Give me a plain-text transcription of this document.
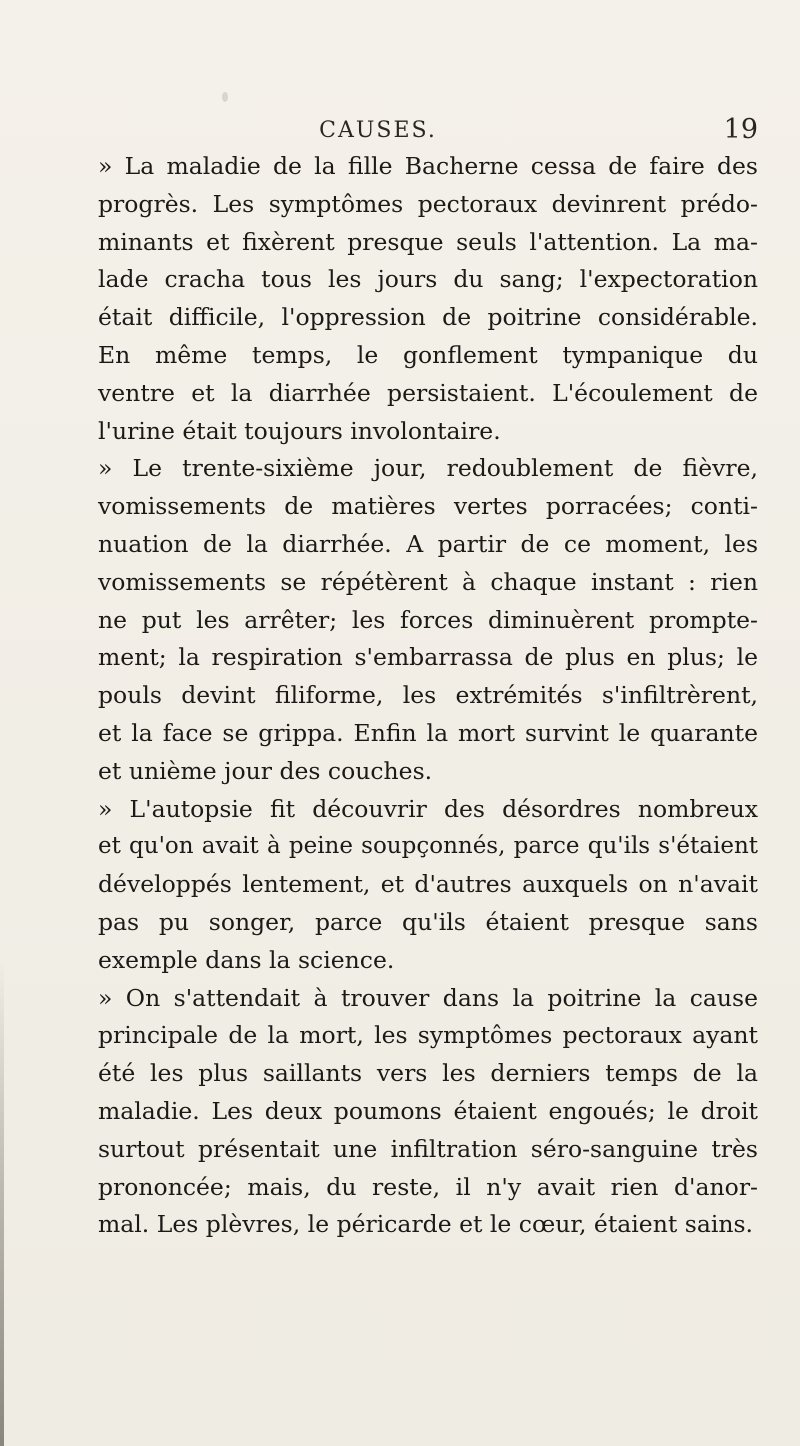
CAUSES.	19
» La maladie de la fille Bacherne cessa de faire des
progrès. Les symptômes pectoraux devinrent prédo-
minants et fixèrent presque seuls l'attention. La ma-
lade cracha tous les jours du sang; l'expectoration
était difficile, l'oppression de poitrine considérable.
En même temps, le gonflement tympanique du
ventre et la diarrhée persistaient. L'écoulement de
l'urine était toujours involontaire.
» Le trente-sixième jour, redoublement de fièvre,
vomissements de matières vertes porracées; conti-
nuation de la diarrhée. A partir de ce moment, les
vomissements se répétèrent à chaque instant : rien
ne put les arrêter; les forces diminuèrent prompte-
ment; la respiration s'embarrassa de plus en plus; le
pouls devint filiforme, les extrémités s'infiltrèrent,
et la face se grippa. Enfin la mort survint le quarante
et unième jour des couches.
» L'autopsie fit découvrir des désordres nombreux
et qu'on avait à peine soupçonnés, parce qu'ils s'étaient
développés lentement, et d'autres auxquels on n'avait
pas pu songer, parce qu'ils étaient presque sans
exemple dans la science.
» On s'attendait à trouver dans la poitrine la cause
principale de la mort, les symptômes pectoraux ayant
été les plus saillants vers les derniers temps de la
maladie. Les deux poumons étaient engoués; le droit
surtout présentait une infiltration séro-sanguine très
prononcée; mais, du reste, il n'y avait rien d'anor-
mal. Les plèvres, le péricarde et le cœur, étaient sains.
